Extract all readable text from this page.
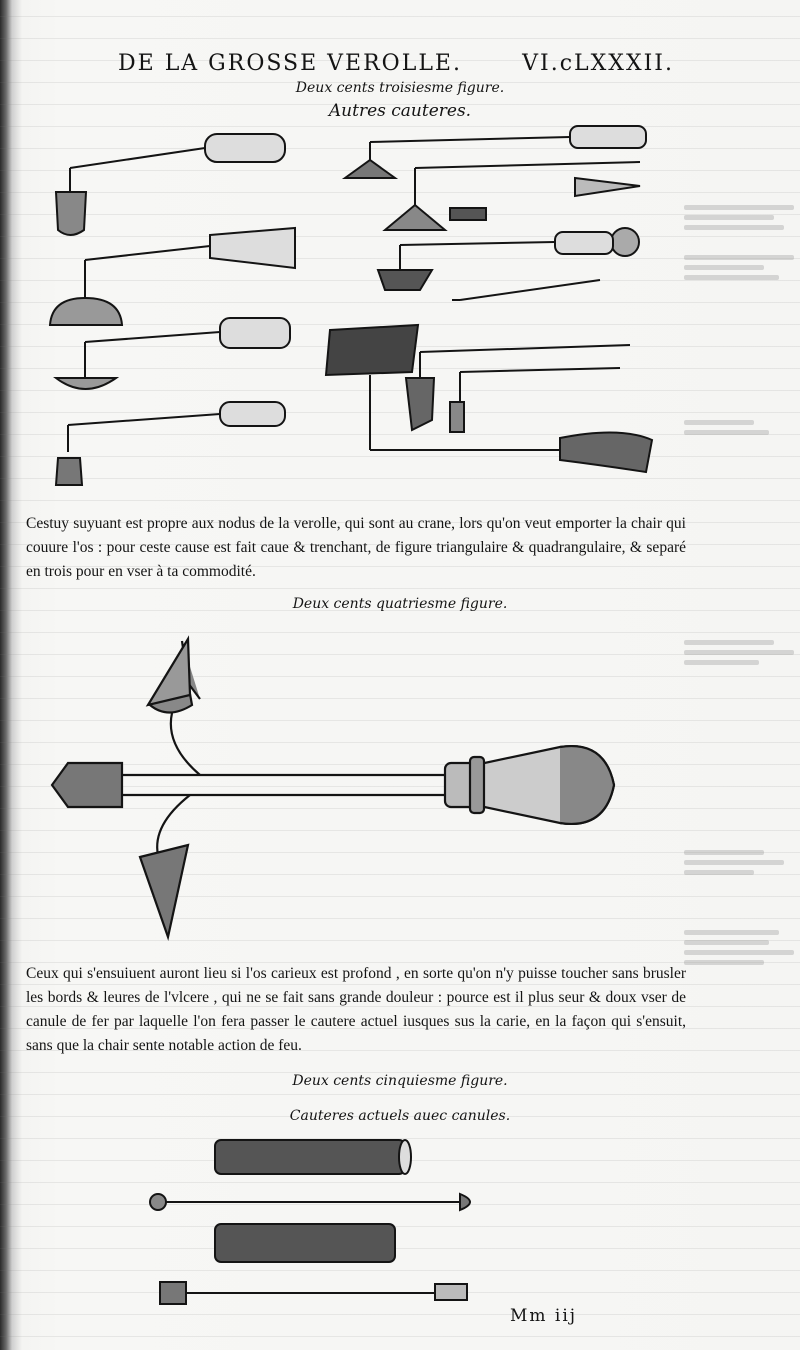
DE LA GROSSE VEROLLE.	VI.cLXXXII.
Deux cents troisiesme figure.
Autres cauteres.
Cestuy suyuant est propre aux nodus de la verolle, qui sont au crane, lors qu'on veut emporter la chair qui couure l'os : pour ceste cause est fait caue & trenchant, de figure triangulaire & quadrangulaire, & separé en trois pour en vser à ta commodité.
Deux cents quatriesme figure.
Ceux qui s'ensuiuent auront lieu si l'os carieux est profond , en sorte qu'on n'y puisse toucher sans brusler les bords & leures de l'vlcere , qui ne se fait sans grande douleur : pource est il plus seur & doux vser de canule de fer par laquelle l'on fera passer le cautere actuel iusques sus la carie, en la façon qui s'ensuit, sans que la chair sente notable action de feu.
Deux cents cinquiesme figure.
Cauteres actuels auec canules.
Mm iij
